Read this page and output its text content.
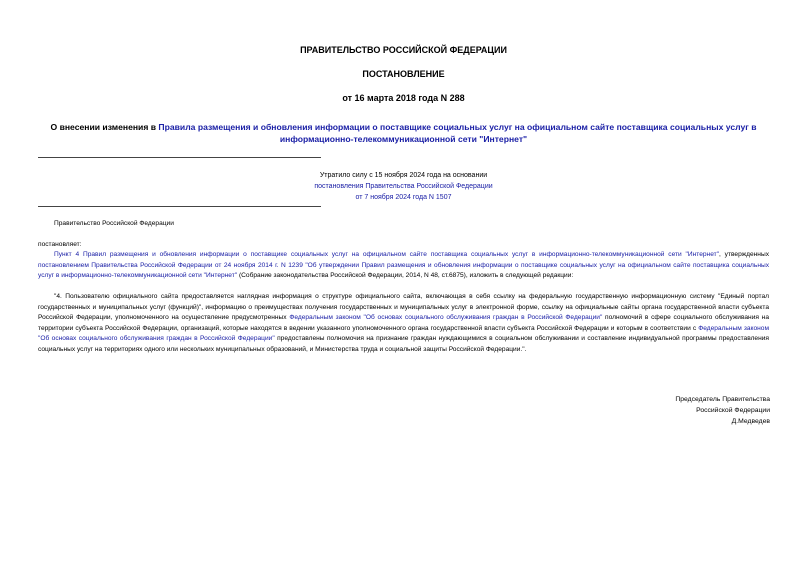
ПРАВИТЕЛЬСТВО РОССИЙСКОЙ ФЕДЕРАЦИИ
ПОСТАНОВЛЕНИЕ
от 16 марта 2018 года N 288
О внесении изменения в Правила размещения и обновления информации о поставщике социальных услуг на официальном сайте поставщика социальных услуг в информационно-телекоммуникационной сети "Интернет"
Утратило силу с 15 ноября 2024 года на основании
постановления Правительства Российской Федерации
от 7 ноября 2024 года N 1507
Правительство Российской Федерации
постановляет:
Пункт 4 Правил размещения и обновления информации о поставщике социальных услуг на официальном сайте поставщика социальных услуг в информационно-телекоммуникационной сети "Интернет", утвержденных постановлением Правительства Российской Федерации от 24 ноября 2014 г. N 1239 "Об утверждении Правил размещения и обновления информации о поставщике социальных услуг на официальном сайте поставщика социальных услуг в информационно-телекоммуникационной сети "Интернет" (Собрание законодательства Российской Федерации, 2014, N 48, ст.6875), изложить в следующей редакции:
"4. Пользователю официального сайта предоставляется наглядная информация о структуре официального сайта, включающая в себя ссылку на федеральную государственную информационную систему "Единый портал государственных и муниципальных услуг (функций)", информацию о преимуществах получения государственных и муниципальных услуг в электронной форме, ссылку на официальные сайты органа государственной власти субъекта Российской Федерации, уполномоченного на осуществление предусмотренных Федеральным законом "Об основах социального обслуживания граждан в Российской Федерации" полномочий в сфере социального обслуживания на территории субъекта Российской Федерации, организаций, которые находятся в ведении указанного уполномоченного органа государственной власти субъекта Российской Федерации и которым в соответствии с Федеральным законом "Об основах социального обслуживания граждан в Российской Федерации" предоставлены полномочия на признание граждан нуждающимися в социальном обслуживании и составление индивидуальной программы предоставления социальных услуг на территориях одного или нескольких муниципальных образований, и Министерства труда и социальной защиты Российской Федерации.".
Председатель Правительства
Российской Федерации
Д.Медведев
